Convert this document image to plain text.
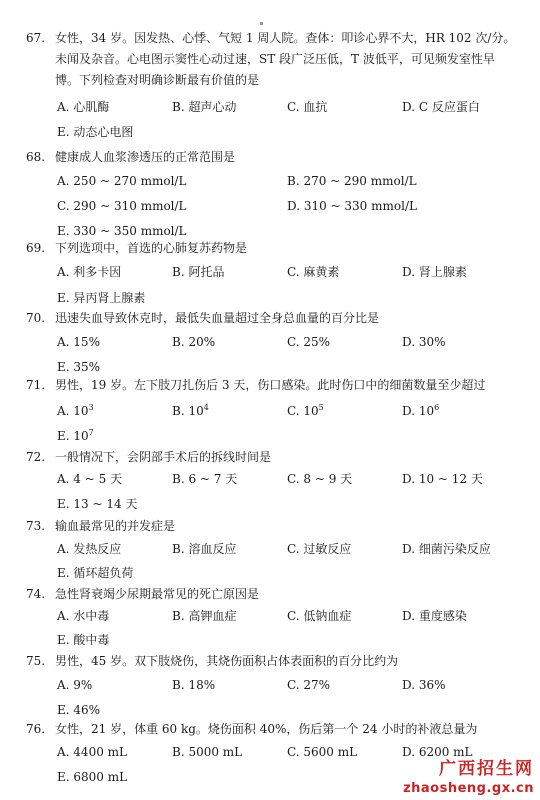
67. 女性，34 岁。因发热、心悸、气短 1 周人院。查体：叩诊心界不大，HR 102 次/分。
未闻及杂音。心电图示窦性心动过速，ST 段广泛压低，T 波低平，可见频发室性早
博。下列检查对明确诊断最有价值的是
A. 心肌酶	B. 超声心动	C. 血抗	D. C 反应蛋白
E. 动态心电图
68. 健康成人血浆渗透压的正常范围是
A. 250 ~ 270 mmol/L	B. 270 ~ 290 mmol/L
C. 290 ~ 310 mmol/L	D. 310 ~ 330 mmol/L
E. 330 ~ 350 mmol/L
69. 下列选项中，首选的心肺复苏药物是
A. 利多卡因	B. 阿托品	C. 麻黄素	D. 肾上腺素
E. 异丙肾上腺素
70. 迅速失血导致休克时，最低失血量超过全身总血量的百分比是
A. 15%	B. 20%	C. 25%	D. 30%
E. 35%
71. 男性，19 岁。左下肢刀扎伤后 3 天，伤口感染。此时伤口中的细菌数量至少超过
A. $10^3$	B. $10^4$	C. $10^5$	D. $10^6$
E. $10^7$
72. 一般情况下，会阴部手术后的拆线时间是
A. 4 ~ 5 天	B. 6 ~ 7 天	C. 8 ~ 9 天	D. 10 ~ 12 天
E. 13 ~ 14 天
73. 输血最常见的并发症是
A. 发热反应	B. 溶血反应	C. 过敏反应	D. 细菌污染反应
E. 循环超负荷
74. 急性肾衰竭少尿期最常见的死亡原因是
A. 水中毒	B. 高钾血症	C. 低钠血症	D. 重度感染
E. 酸中毒
75. 男性，45 岁。双下肢烧伤，其烧伤面积占体表面积的百分比约为
A. 9%	B. 18%	C. 27%	D. 36%
E. 46%
76. 女性，21 岁，体重 60 kg。烧伤面积 40%，伤后第一个 24 小时的补液总量为
A. 4400 mL	B. 5000 mL	C. 5600 mL	D. 6200 mL
E. 6800 mL	广西招生网
zhaosheng.gx.cn
